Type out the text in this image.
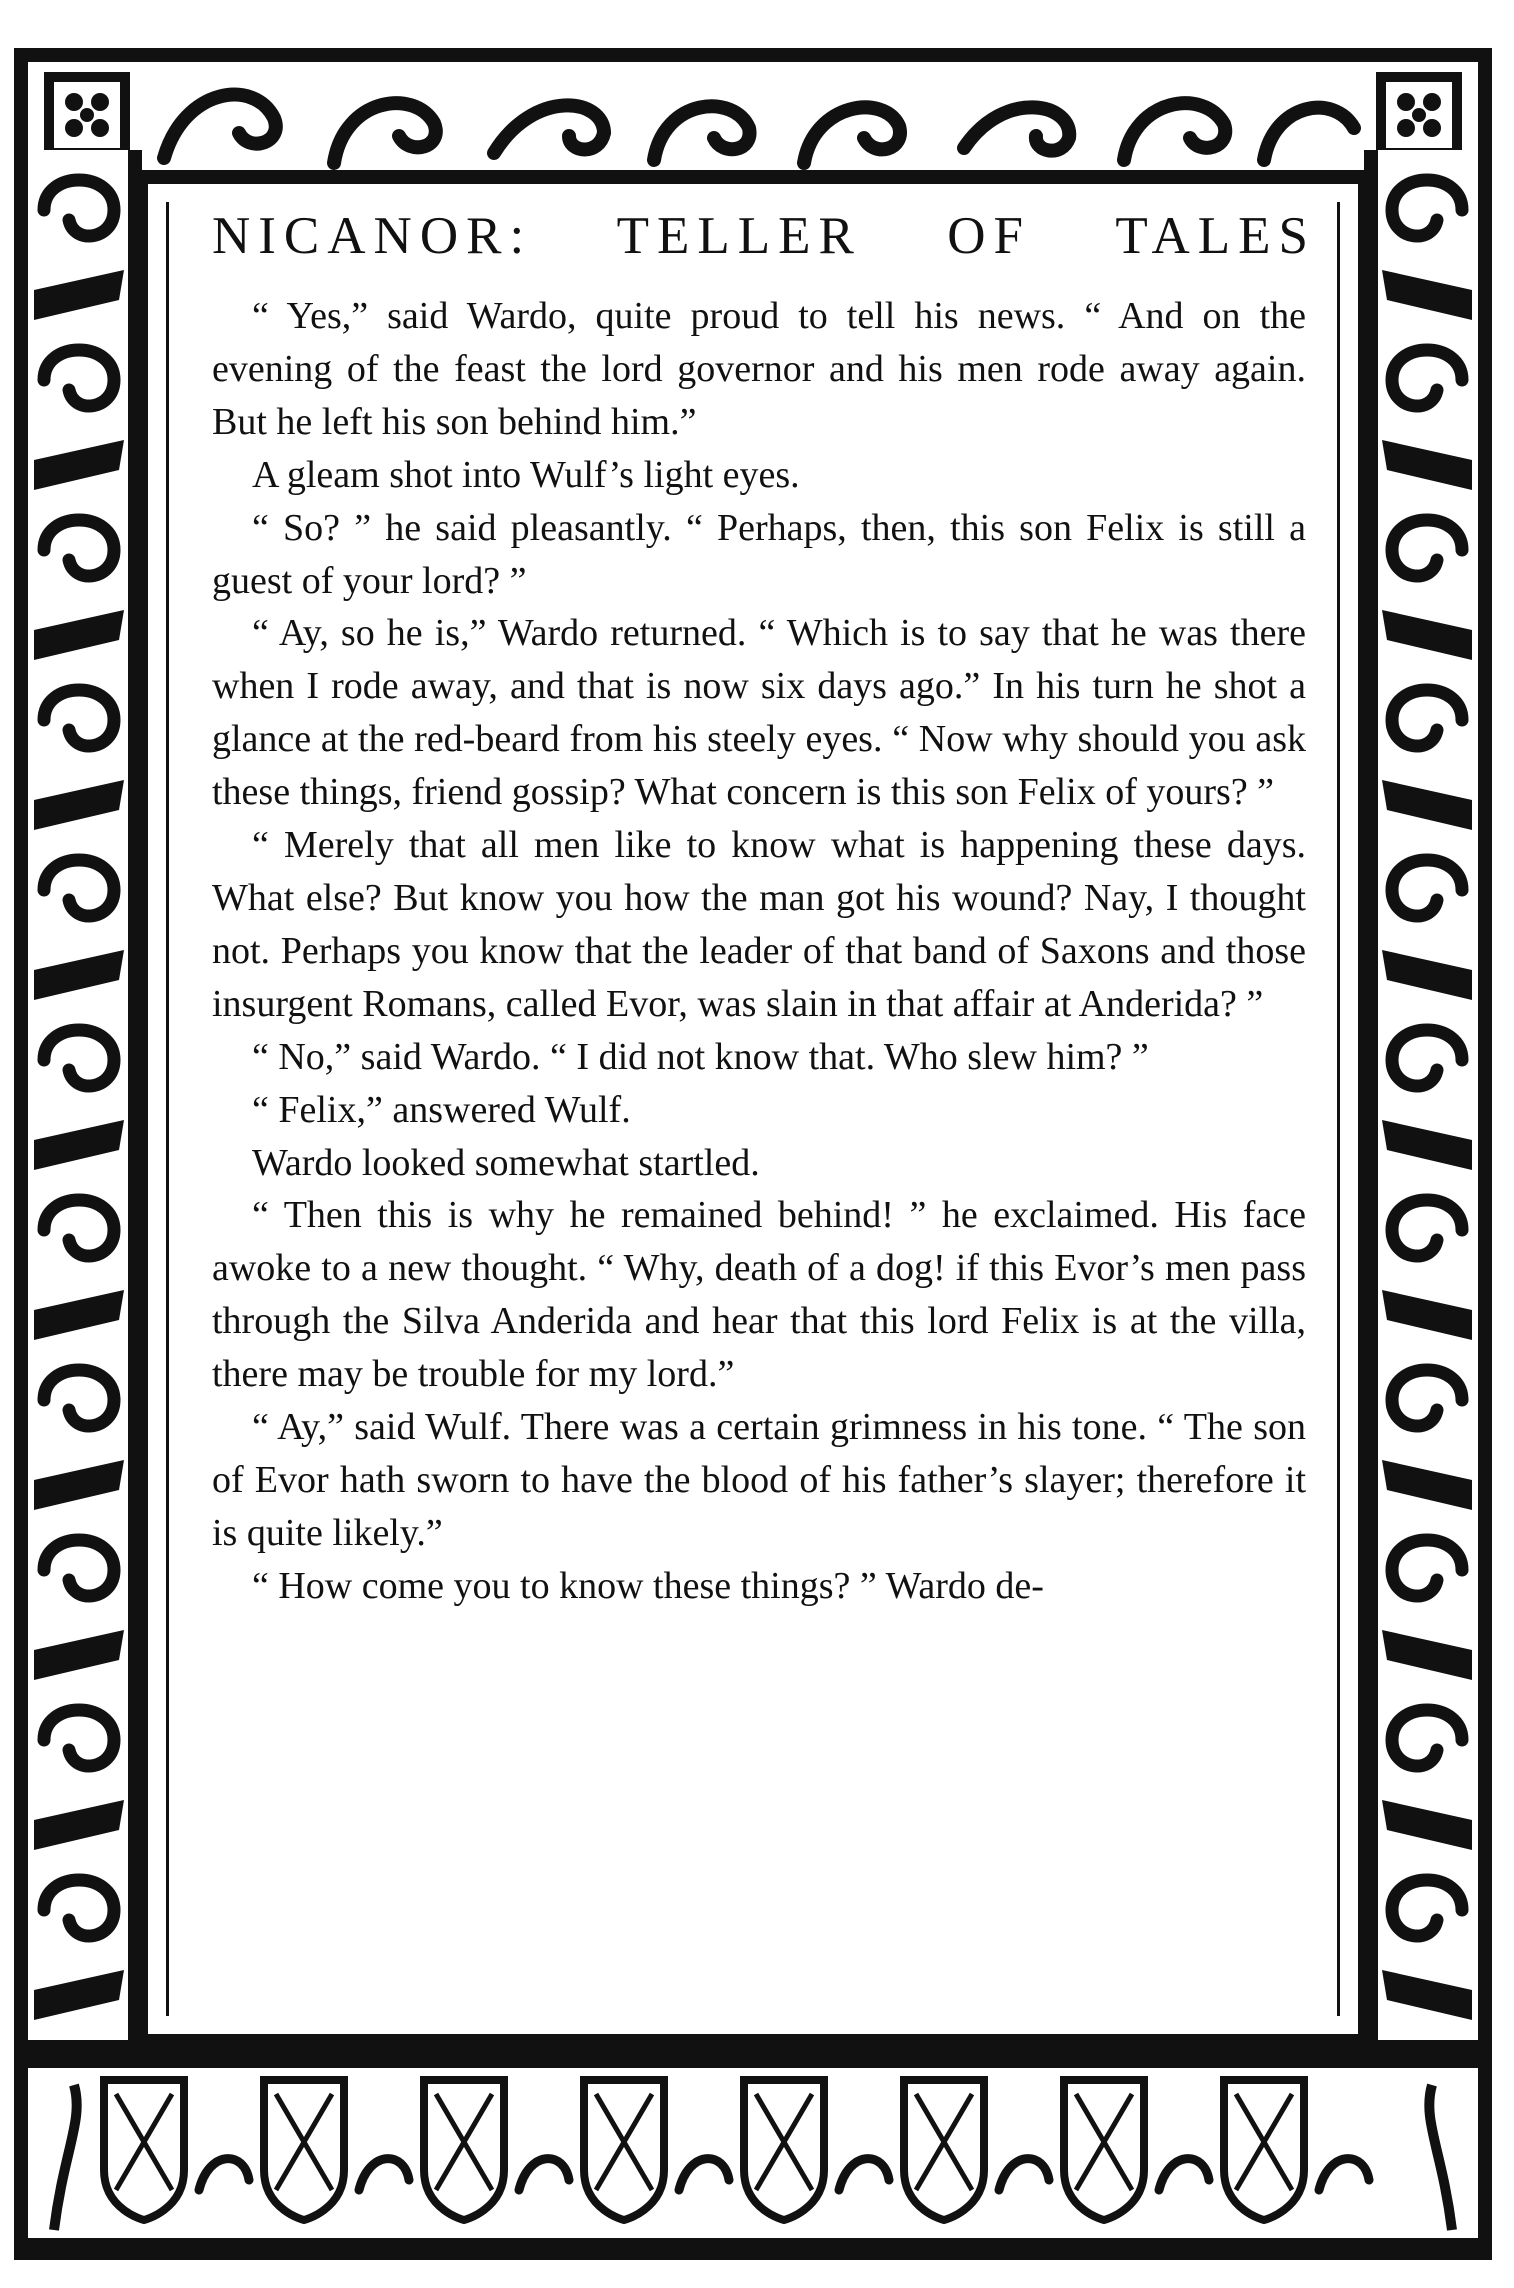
NICANOR: TELLER OF TALES

“ Yes,” said Wardo, quite proud to tell his news. “ And on the evening of the feast the lord governor and his men rode away again. But he left his son behind him.”

A gleam shot into Wulf’s light eyes.

“ So? ” he said pleasantly. “ Perhaps, then, this son Felix is still a guest of your lord? ”

“ Ay, so he is,” Wardo returned. “ Which is to say that he was there when I rode away, and that is now six days ago.” In his turn he shot a glance at the red-beard from his steely eyes. “ Now why should you ask these things, friend gossip? What concern is this son Felix of yours? ”

“ Merely that all men like to know what is happening these days. What else? But know you how the man got his wound? Nay, I thought not. Perhaps you know that the leader of that band of Saxons and those insurgent Romans, called Evor, was slain in that affair at Anderida? ”

“ No,” said Wardo. “ I did not know that. Who slew him? ”

“ Felix,” answered Wulf.

Wardo looked somewhat startled.

“ Then this is why he remained behind! ” he exclaimed. His face awoke to a new thought. “ Why, death of a dog! if this Evor’s men pass through the Silva Anderida and hear that this lord Felix is at the villa, there may be trouble for my lord.”

“ Ay,” said Wulf. There was a certain grimness in his tone. “ The son of Evor hath sworn to have the blood of his father’s slayer; therefore it is quite likely.”

“ How come you to know these things? ” Wardo de-

300
